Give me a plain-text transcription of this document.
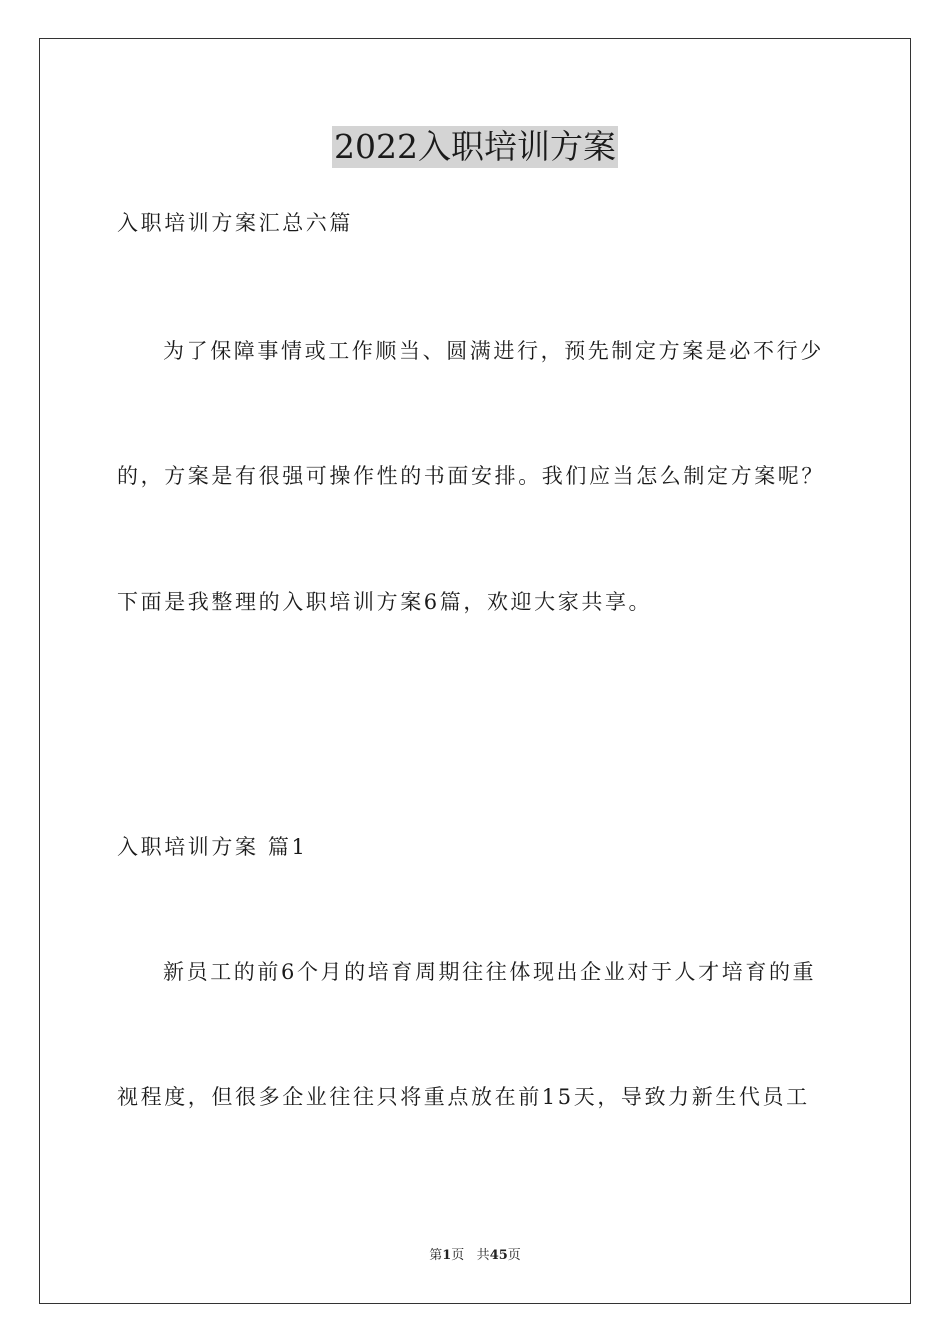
2022入职培训方案
入职培训方案汇总六篇
为了保障事情或工作顺当、圆满进行，预先制定方案是必不行少
的，方案是有很强可操作性的书面安排。我们应当怎么制定方案呢？
下面是我整理的入职培训方案6篇，欢迎大家共享。
入职培训方案 篇1
新员工的前6个月的培育周期往往体现出企业对于人才培育的重
视程度，但很多企业往往只将重点放在前15天，导致力新生代员工
第1页 共45页
